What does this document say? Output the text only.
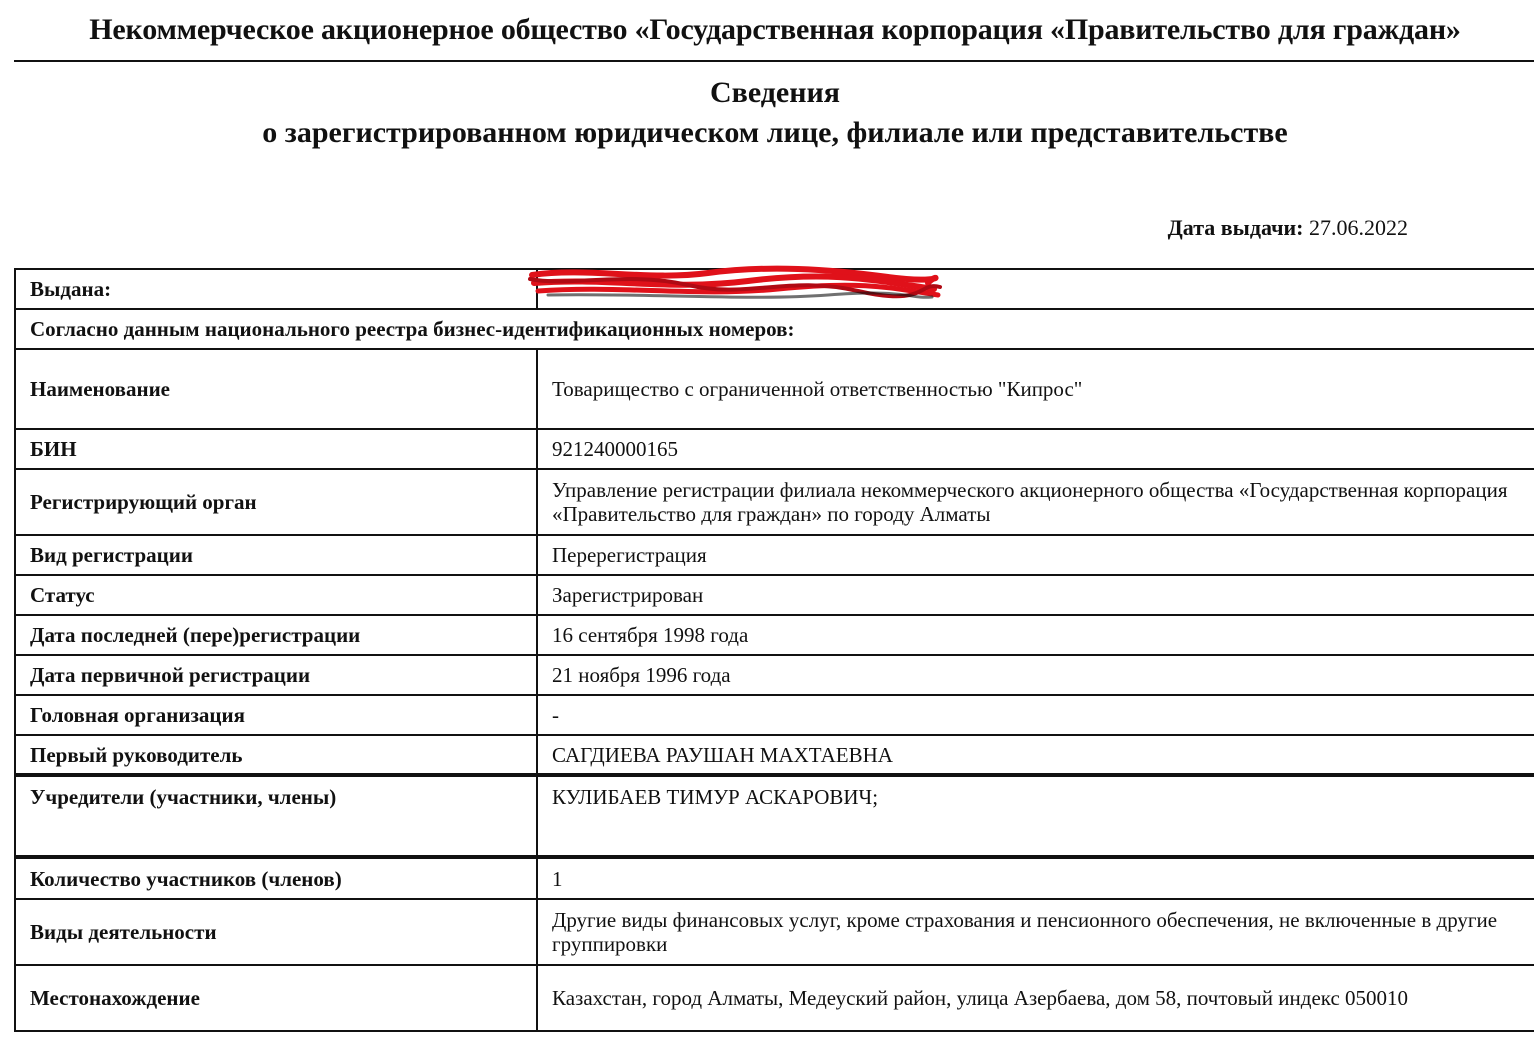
Некоммерческое акционерное общество «Государственная корпорация «Правительство для граждан»
Сведения
о зарегистрированном юридическом лице, филиале или представительстве
Дата выдачи: 27.06.2022
Выдана:	

Согласно данным национального реестра бизнес-идентификационных номеров:	
Наименование	Товарищество с ограниченной ответственностью "Кипрос"
БИН	921240000165
Регистрирующий орган	Управление регистрации филиала некоммерческого акционерного общества «Государственная корпорация «Правительство для граждан» по городу Алматы
Вид регистрации	Перерегистрация
Статус	Зарегистрирован
Дата последней (пере)регистрации	16 сентября 1998 года
Дата первичной регистрации	21 ноября 1996 года
Головная организация	-
Первый руководитель	САГДИЕВА РАУШАН МАХТАЕВНА
Учредители (участники, члены)	КУЛИБАЕВ ТИМУР АСКАРОВИЧ;
Количество участников (членов)	1
Виды деятельности	Другие виды финансовых услуг, кроме страхования и пенсионного обеспечения, не включенные в другие группировки
Местонахождение	Казахстан, город Алматы, Медеуский район, улица Азербаева, дом 58, почтовый индекс 050010
